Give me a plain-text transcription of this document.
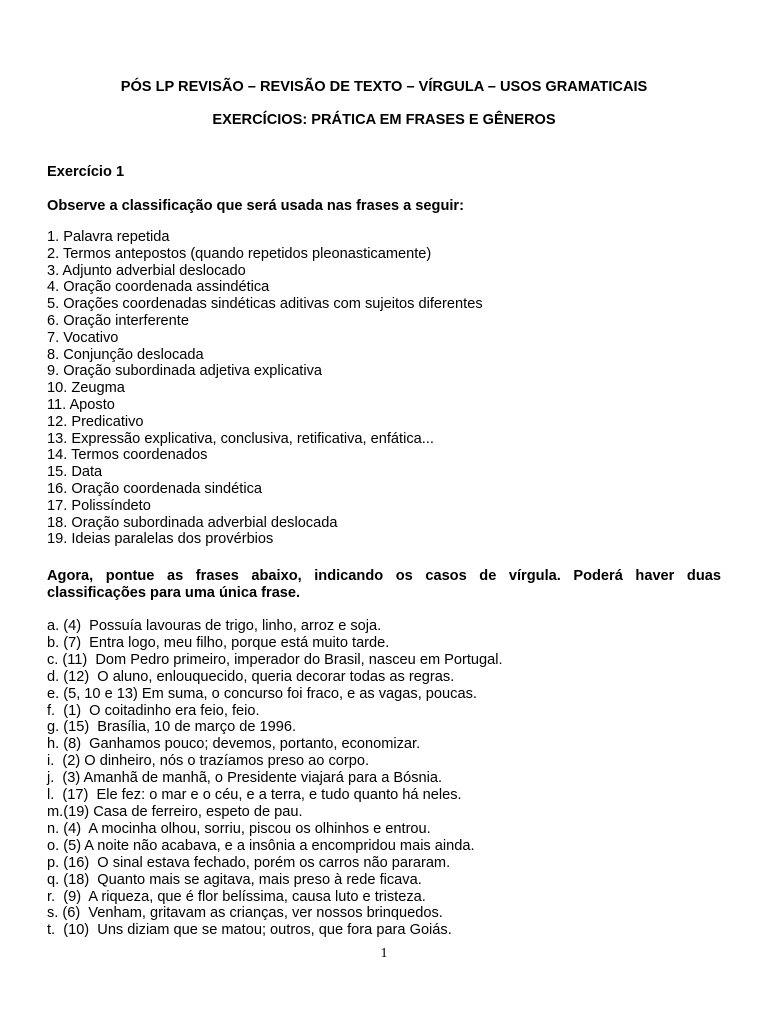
PÓS LP REVISÃO – REVISÃO DE TEXTO – VÍRGULA – USOS GRAMATICAIS
EXERCÍCIOS: PRÁTICA EM FRASES E GÊNEROS
Exercício 1
Observe a classificação que será usada nas frases a seguir:
1. Palavra repetida
2. Termos antepostos (quando repetidos pleonasticamente)
3. Adjunto adverbial deslocado
4. Oração coordenada assindética
5. Orações coordenadas sindéticas aditivas com sujeitos diferentes
6. Oração interferente
7. Vocativo
8. Conjunção deslocada
9. Oração subordinada adjetiva explicativa
10. Zeugma
11. Aposto
12. Predicativo
13. Expressão explicativa, conclusiva, retificativa, enfática...
14. Termos coordenados
15. Data
16. Oração coordenada sindética
17. Polissíndeto
18. Oração subordinada adverbial deslocada
19. Ideias paralelas dos provérbios

Agora, pontue as frases abaixo, indicando os casos de vírgula. Poderá haver duas classificações para uma única frase.

a. (4)  Possuía lavouras de trigo, linho, arroz e soja.
b. (7)  Entra logo, meu filho, porque está muito tarde.
c. (11)  Dom Pedro primeiro, imperador do Brasil, nasceu em Portugal.
d. (12)  O aluno, enlouquecido, queria decorar todas as regras.
e. (5, 10 e 13) Em suma, o concurso foi fraco, e as vagas, poucas.
f.  (1)  O coitadinho era feio, feio.
g. (15)  Brasília, 10 de março de 1996.
h. (8)  Ganhamos pouco; devemos, portanto, economizar.
i.  (2) O dinheiro, nós o trazíamos preso ao corpo.
j.  (3) Amanhã de manhã, o Presidente viajará para a Bósnia.
l.  (17)  Ele fez: o mar e o céu, e a terra, e tudo quanto há neles.
m.(19) Casa de ferreiro, espeto de pau.
n. (4)  A mocinha olhou, sorriu, piscou os olhinhos e entrou.
o. (5) A noite não acabava, e a insônia a encompridou mais ainda.
p. (16)  O sinal estava fechado, porém os carros não pararam.
q. (18)  Quanto mais se agitava, mais preso à rede ficava.
r.  (9)  A riqueza, que é flor belíssima, causa luto e tristeza.
s. (6)  Venham, gritavam as crianças, ver nossos brinquedos.
t.  (10)  Uns diziam que se matou; outros, que fora para Goiás.
1
